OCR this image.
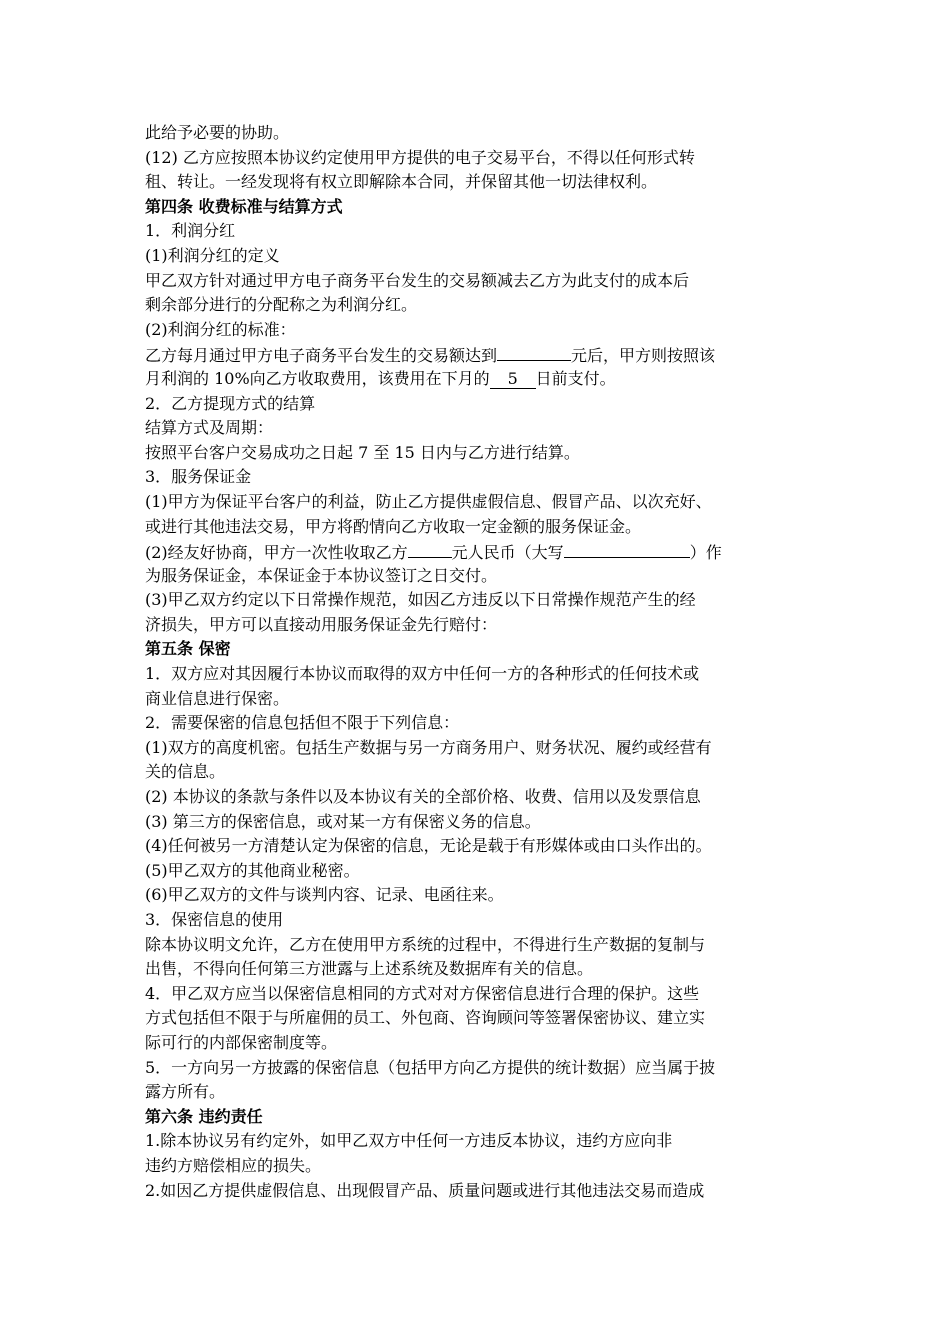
此给予必要的协助。
(12) 乙方应按照本协议约定使用甲方提供的电子交易平台，不得以任何形式转
租、转让。一经发现将有权立即解除本合同，并保留其他一切法律权利。
第四条 收费标准与结算方式
1．利润分红
(1)利润分红的定义
甲乙双方针对通过甲方电子商务平台发生的交易额减去乙方为此支付的成本后
剩余部分进行的分配称之为利润分红。
(2)利润分红的标准：
乙方每月通过甲方电子商务平台发生的交易额达到	元后，甲方则按照该
月利润的 10%向乙方收取费用，该费用在下月的 5 日前支付。
2．乙方提现方式的结算
结算方式及周期：
按照平台客户交易成功之日起 7 至 15 日内与乙方进行结算。
3．服务保证金
(1)甲方为保证平台客户的利益，防止乙方提供虚假信息、假冒产品、以次充好、
或进行其他违法交易，甲方将酌情向乙方收取一定金额的服务保证金。
(2)经友好协商，甲方一次性收取乙方	元人民币（大写	）作
为服务保证金，本保证金于本协议签订之日交付。
(3)甲乙双方约定以下日常操作规范，如因乙方违反以下日常操作规范产生的经
济损失，甲方可以直接动用服务保证金先行赔付：
第五条 保密
1．双方应对其因履行本协议而取得的双方中任何一方的各种形式的任何技术或
商业信息进行保密。
2．需要保密的信息包括但不限于下列信息：
(1)双方的高度机密。包括生产数据与另一方商务用户、财务状况、履约或经营有
关的信息。
(2) 本协议的条款与条件以及本协议有关的全部价格、收费、信用以及发票信息
(3) 第三方的保密信息，或对某一方有保密义务的信息。
(4)任何被另一方清楚认定为保密的信息，无论是载于有形媒体或由口头作出的。
(5)甲乙双方的其他商业秘密。
(6)甲乙双方的文件与谈判内容、记录、电函往来。
3．保密信息的使用
除本协议明文允许，乙方在使用甲方系统的过程中，不得进行生产数据的复制与
出售，不得向任何第三方泄露与上述系统及数据库有关的信息。
4．甲乙双方应当以保密信息相同的方式对对方保密信息进行合理的保护。这些
方式包括但不限于与所雇佣的员工、外包商、咨询顾问等签署保密协议、建立实
际可行的内部保密制度等。
5．一方向另一方披露的保密信息（包括甲方向乙方提供的统计数据）应当属于披
露方所有。
第六条 违约责任
1.除本协议另有约定外，如甲乙双方中任何一方违反本协议，违约方应向非
违约方赔偿相应的损失。
2.如因乙方提供虚假信息、出现假冒产品、质量问题或进行其他违法交易而造成
